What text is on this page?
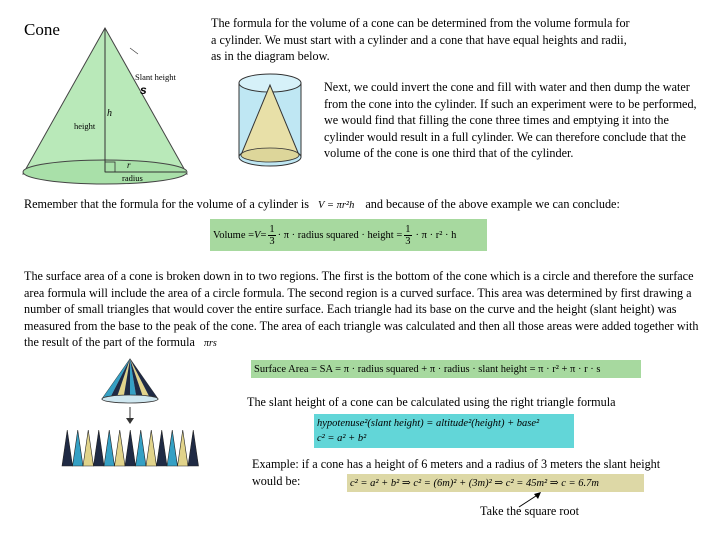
Cone
Slant height
s
h
height
r
radius
The formula for the volume of a cone can be determined from the volume formula for a cylinder. We must start with a cylinder and a cone that have equal heights and radii, as in the diagram below.
Next, we could invert the cone and fill with water and then dump the water from the cone into the cylinder. If such an experiment were to be performed, we would find that filling the cone three times and emptying it into the cylinder would result in a full cylinder. We can therefore conclude that the volume of the cone is one third that of the cylinder.
Remember that the formula for the volume of a cylinder is V = πr²h and because of the above example we can conclude:
Volume = $V = \frac{1}{3} \cdot \pi$ · radius squared · height = $\frac{1}{3} \cdot \pi \cdot r^2 \cdot h$
The surface area of a cone is broken down in to two regions. The first is the bottom of the cone which is a circle and therefore the surface area formula will include the area of a circle formula. The second region is a curved surface. This area was determined by first drawing a number of small triangles that would cover the entire surface. Each triangle had its base on the curve and the height (slant height) was measured from the base to the peak of the cone. The area of each triangle was calculated and then all those areas were added together with the result of the part of the formula πrs
Surface Area = SA = π · radius squared + π · radius · slant height = π · r² + π · r · s
The slant height of a cone can be calculated using the right triangle formula
hypotenuse²(slant height) = altitude²(height) + base²
c² = a² + b²
Example: if a cone has a height of 6 meters and a radius of 3 meters the slant height would be:	c² = a² + b² ⇒ c² = (6m)² + (3m)² ⇒ c² = 45m² ⇒ c = 6.7m
Take the square root
